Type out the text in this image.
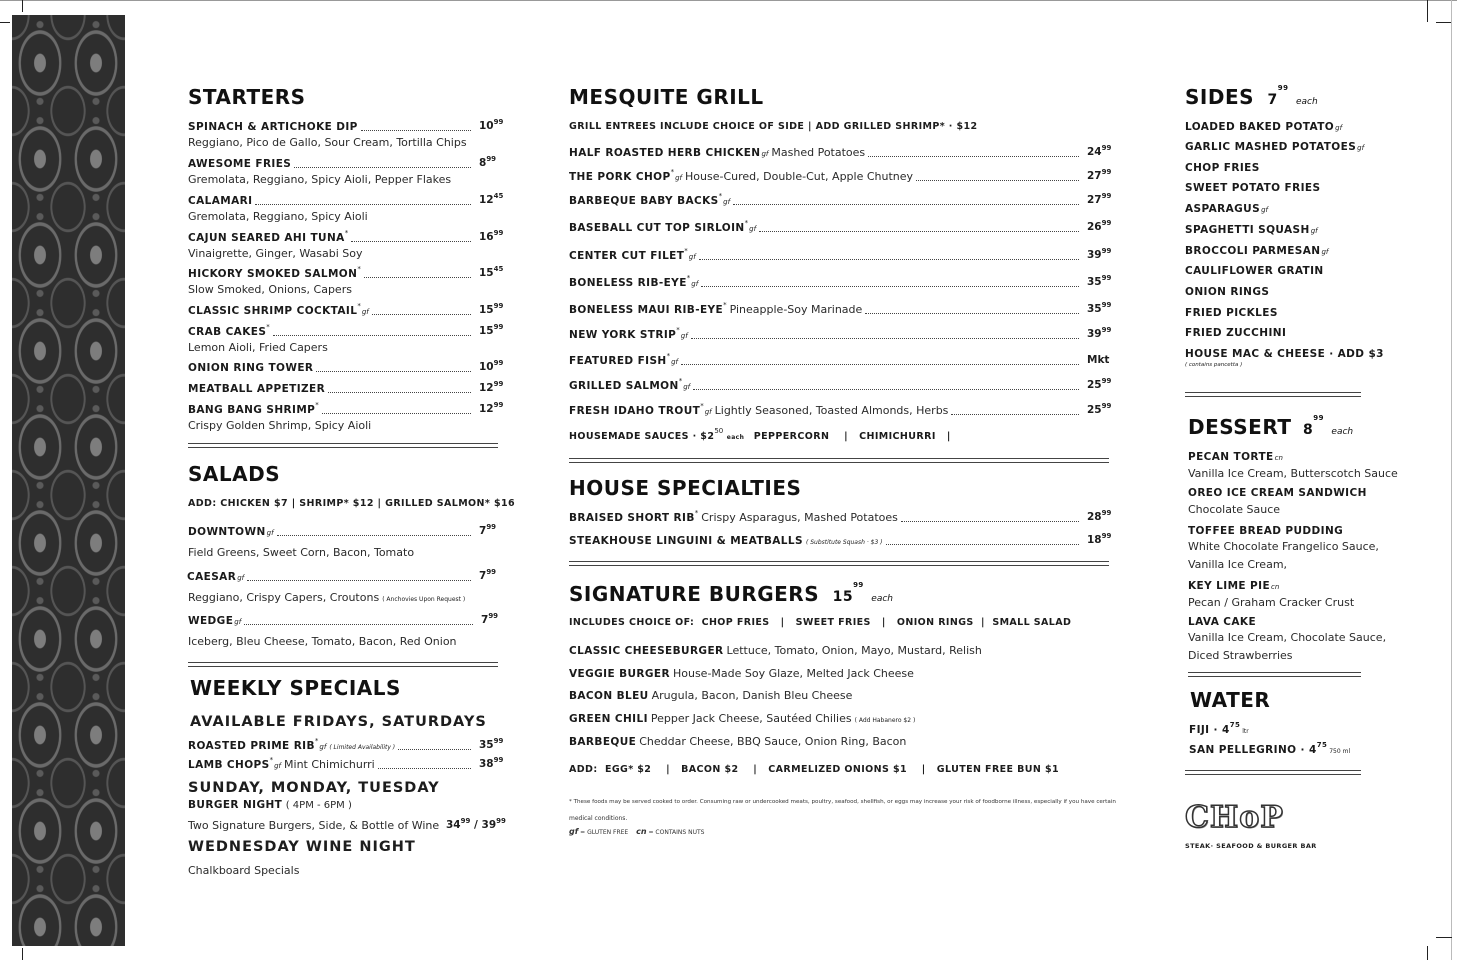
STARTERS
SPINACH & ARTICHOKE DIP	$10^{99}$
Reggiano, Pico de Gallo, Sour Cream, Tortilla Chips
AWESOME FRIES	$8^{99}$
Gremolata, Reggiano, Spicy Aioli, Pepper Flakes
CALAMARI	$12^{45}$
Gremolata, Reggiano, Spicy Aioli
CAJUN SEARED AHI TUNA*	$16^{99}$
Vinaigrette, Ginger, Wasabi Soy
HICKORY SMOKED SALMON*	$15^{45}$
Slow Smoked, Onions, Capers
CLASSIC SHRIMP COCKTAIL*gf	$15^{99}$
CRAB CAKES*	$15^{99}$
Lemon Aioli, Fried Capers
ONION RING TOWER	$10^{99}$
MEATBALL APPETIZER	$12^{99}$
BANG BANG SHRIMP*	$12^{99}$
Crispy Golden Shrimp, Spicy Aioli
SALADS
ADD: CHICKEN $7 | SHRIMP* $12 | GRILLED SALMON* $16
DOWNTOWNgf	$7^{99}$
Field Greens, Sweet Corn, Bacon, Tomato
CAESARgf	$7^{99}$
Reggiano, Crispy Capers, Croutons ( Anchovies Upon Request )
WEDGEgf	$7^{99}$
Iceberg, Bleu Cheese, Tomato, Bacon, Red Onion
WEEKLY SPECIALS
AVAILABLE FRIDAYS, SATURDAYS
ROASTED PRIME RIB*gf ( Limited Availability )	$35^{99}$
LAMB CHOPS*gf Mint Chimichurri	$38^{99}$
SUNDAY, MONDAY, TUESDAY
BURGER NIGHT ( 4PM - 6PM )
Two Signature Burgers, Side, & Bottle of Wine $34^{99} / 39^{99}$
WEDNESDAY WINE NIGHT
Chalkboard Specials
MESQUITE GRILL
GRILL ENTREES INCLUDE CHOICE OF SIDE | ADD GRILLED SHRIMP* · $12
HALF ROASTED HERB CHICKENgf Mashed Potatoes	$24^{99}$
THE PORK CHOP*gf House-Cured, Double-Cut, Apple Chutney	$27^{99}$
BARBEQUE BABY BACKS*gf	$27^{99}$
BASEBALL CUT TOP SIRLOIN*gf	$26^{99}$
CENTER CUT FILET*gf	$39^{99}$
BONELESS RIB-EYE*gf	$35^{99}$
BONELESS MAUI RIB-EYE* Pineapple-Soy Marinade	$35^{99}$
NEW YORK STRIP*gf	$39^{99}$
FEATURED FISH*gf	Mkt
GRILLED SALMON*gf	$25^{99}$
FRESH IDAHO TROUT*gf Lightly Seasoned, Toasted Almonds, Herbs	$25^{99}$
HOUSEMADE SAUCES · $\$2^{50}$ each PEPPERCORN    |   CHIMICHURRI   |
HOUSE SPECIALTIES
BRAISED SHORT RIB* Crispy Asparagus, Mashed Potatoes	$28^{99}$
STEAKHOUSE LINGUINI & MEATBALLS ( Substitute Squash · $3 )	$18^{99}$
SIGNATURE BURGERS $15^{99}$ each
INCLUDES CHOICE OF:  CHOP FRIES   |   SWEET FRIES   |   ONION RINGS  |  SMALL SALAD
CLASSIC CHEESEBURGER Lettuce, Tomato, Onion, Mayo, Mustard, Relish
VEGGIE BURGER House-Made Soy Glaze, Melted Jack Cheese
BACON BLEU Arugula, Bacon, Danish Bleu Cheese
GREEN CHILI Pepper Jack Cheese, Sautéed Chilies ( Add Habanero $2 )
BARBEQUE Cheddar Cheese, BBQ Sauce, Onion Ring, Bacon
ADD:  EGG* $2    |   BACON $2    |   CARMELIZED ONIONS $1    |   GLUTEN FREE BUN $1
* These foods may be served cooked to order. Consuming raw or undercooked meats, poultry, seafood, shellfish, or eggs may increase your risk of foodborne illness, especially if you have certain
medical conditions.
gf = GLUTEN FREE cn = CONTAINS NUTS
SIDES $7^{99}$ each
LOADED BAKED POTATOgf
GARLIC MASHED POTATOESgf
CHOP FRIES
SWEET POTATO FRIES
ASPARAGUSgf
SPAGHETTI SQUASHgf
BROCCOLI PARMESANgf
CAULIFLOWER GRATIN
ONION RINGS
FRIED PICKLES
FRIED ZUCCHINI
HOUSE MAC & CHEESE · ADD $3
( contains pancetta )
DESSERT $8^{99}$ each
PECAN TORTEcn
Vanilla Ice Cream, Butterscotch Sauce
OREO ICE CREAM SANDWICH
Chocolate Sauce
TOFFEE BREAD PUDDING
White Chocolate Frangelico Sauce,
Vanilla Ice Cream,
KEY LIME PIEcn
Pecan / Graham Cracker Crust
LAVA CAKE
Vanilla Ice Cream, Chocolate Sauce,
Diced Strawberries
WATER
FIJI · $4^{75}ltr$
SAN PELLEGRINO · $4^{75}750$ ml
CHoP
STEAK· SEAFOOD & BURGER BAR
